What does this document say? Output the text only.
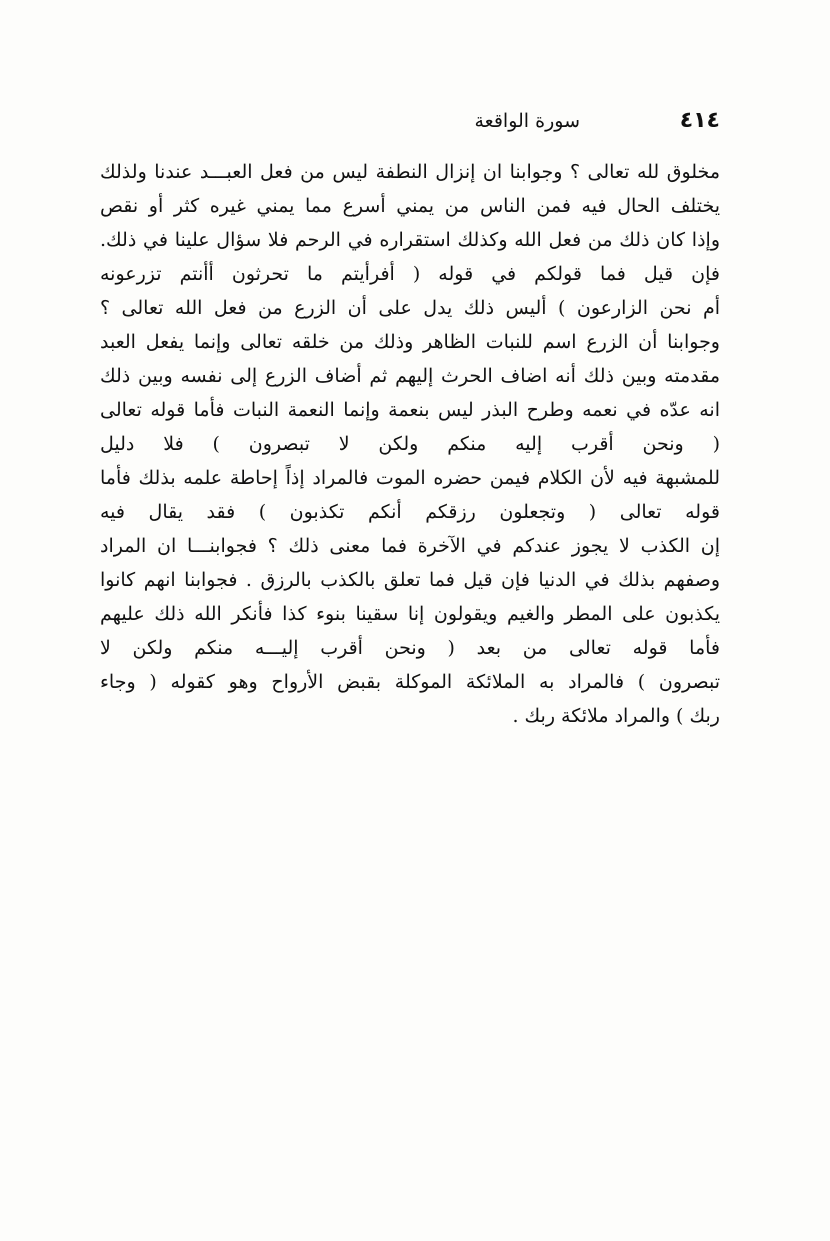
٤١٤
سورة الواقعة
مخلوق لله تعالى ؟ وجوابنا ان إنزال النطفة ليس من فعل العبـــد عندنا ولذلك
يختلف الحال فيه فمن الناس من يمني أسرع مما يمني غيره كثر أو نقص
وإذا كان ذلك من فعل الله وكذلك استقراره في الرحم فلا سؤال علينا في ذلك.
فإن قيل فما قولكم في قوله ( أفرأيتم ما تحرثون أأنتم تزرعونه
أم نحن الزارعون ) أليس ذلك يدل على أن الزرع من فعل الله تعالى ؟
وجوابنا أن الزرع اسم للنبات الظاهر وذلك من خلقه تعالى وإنما يفعل العبد
مقدمته وبين ذلك أنه اضاف الحرث إليهم ثم أضاف الزرع إلى نفسه وبين ذلك
انه عدّه في نعمه وطرح البذر ليس بنعمة وإنما النعمة النبات فأما قوله تعالى
( ونحن أقرب إليه منكم ولكن لا تبصرون ) فلا دليل
للمشبهة فيه لأن الكلام فيمن حضره الموت فالمراد إذاً إحاطة علمه بذلك فأما
قوله تعالى ( وتجعلون رزقكم أنكم تكذبون ) فقد يقال فيه
إن الكذب لا يجوز عندكم في الآخرة فما معنى ذلك ؟ فجوابنـــا ان المراد
وصفهم بذلك في الدنيا فإن قيل فما تعلق بالكذب بالرزق . فجوابنا انهم كانوا
يكذبون على المطر والغيم ويقولون إنا سقينا بنوء كذا فأنكر الله ذلك عليهم
فأما قوله تعالى من بعد ( ونحن أقرب إليـــه منكم ولكن لا
تبصرون ) فالمراد به الملائكة الموكلة بقبض الأرواح وهو كقوله ( وجاء
ربك ) والمراد ملائكة ربك .
